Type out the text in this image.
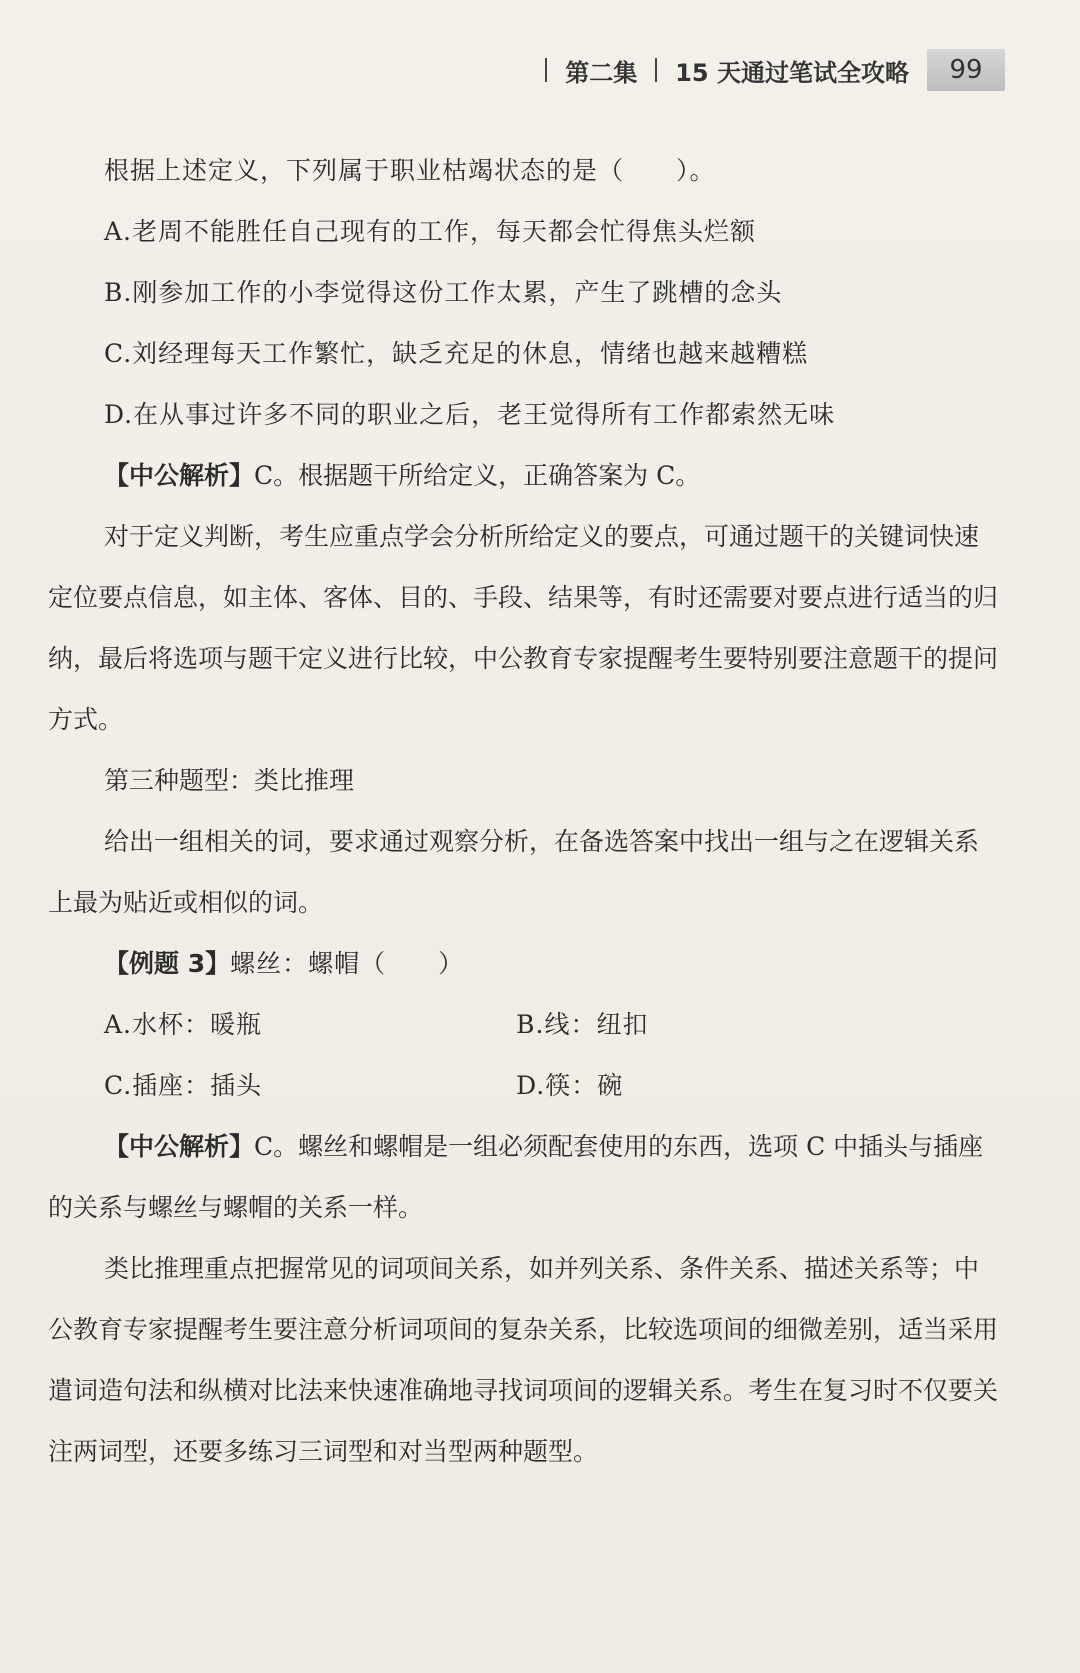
第二集 15 天通过笔试全攻略	99

根据上述定义，下列属于职业枯竭状态的是（　　）。

A.老周不能胜任自己现有的工作，每天都会忙得焦头烂额

B.刚参加工作的小李觉得这份工作太累，产生了跳槽的念头

C.刘经理每天工作繁忙，缺乏充足的休息，情绪也越来越糟糕

D.在从事过许多不同的职业之后，老王觉得所有工作都索然无味

【中公解析】C。根据题干所给定义，正确答案为 C。

对于定义判断，考生应重点学会分析所给定义的要点，可通过题干的关键词快速定位要点信息，如主体、客体、目的、手段、结果等，有时还需要对要点进行适当的归纳，最后将选项与题干定义进行比较，中公教育专家提醒考生要特别要注意题干的提问方式。

第三种题型：类比推理

给出一组相关的词，要求通过观察分析，在备选答案中找出一组与之在逻辑关系上最为贴近或相似的词。

【例题 3】螺丝：螺帽（　　）

A.水杯：暖瓶	B.线：纽扣
C.插座：插头	D.筷：碗

【中公解析】C。螺丝和螺帽是一组必须配套使用的东西，选项 C 中插头与插座的关系与螺丝与螺帽的关系一样。

类比推理重点把握常见的词项间关系，如并列关系、条件关系、描述关系等；中公教育专家提醒考生要注意分析词项间的复杂关系，比较选项间的细微差别，适当采用遣词造句法和纵横对比法来快速准确地寻找词项间的逻辑关系。考生在复习时不仅要关注两词型，还要多练习三词型和对当型两种题型。
